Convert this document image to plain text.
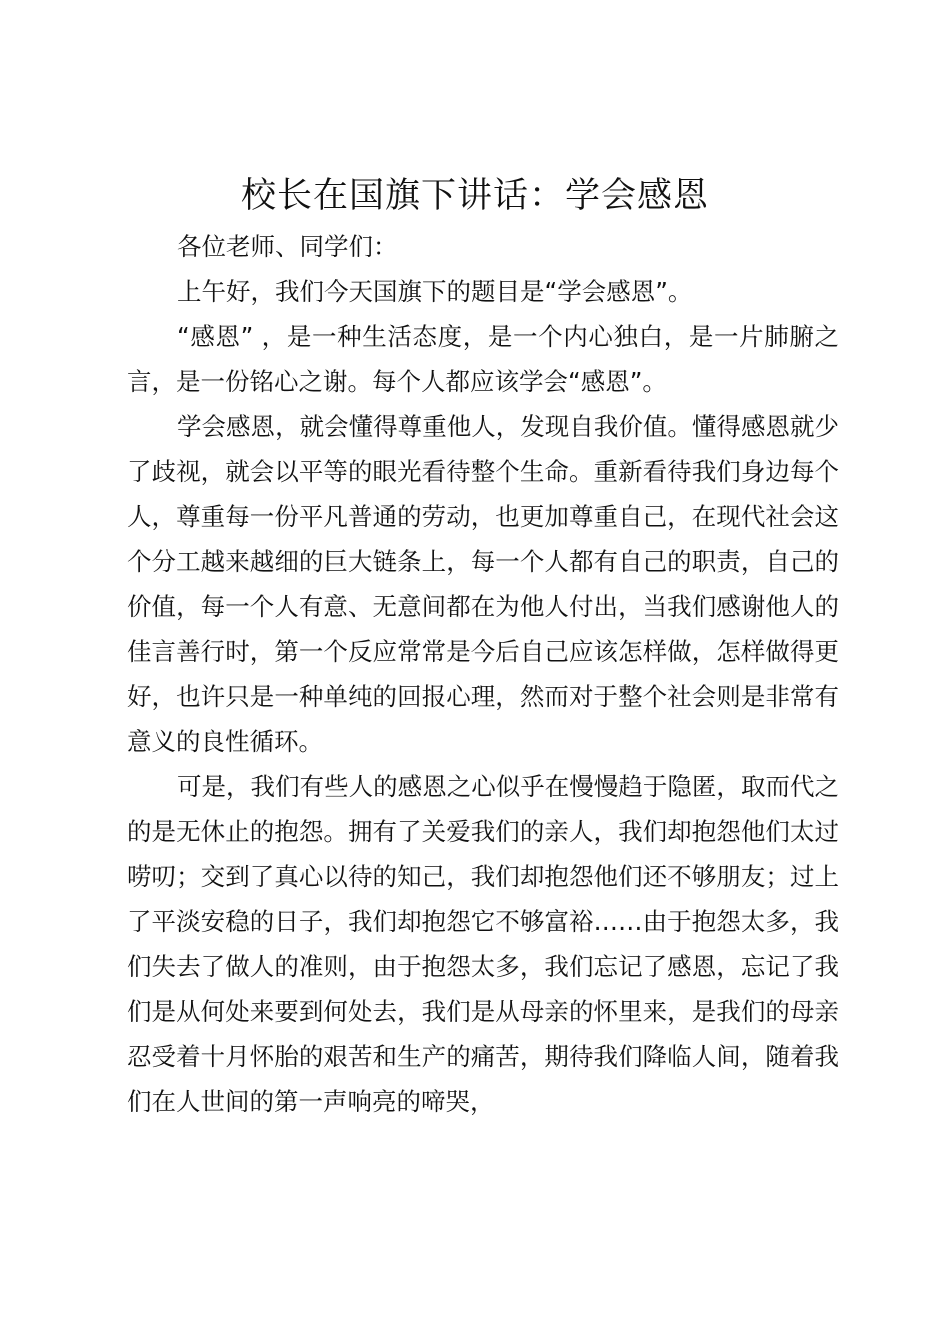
校长在国旗下讲话：学会感恩

各位老师、同学们：

上午好，我们今天国旗下的题目是“学会感恩”。

“感恩” ，是一种生活态度，是一个内心独白，是一片肺腑之言，是一份铭心之谢。每个人都应该学会“感恩”。

学会感恩，就会懂得尊重他人，发现自我价值。懂得感恩就少了歧视，就会以平等的眼光看待整个生命。重新看待我们身边每个人，尊重每一份平凡普通的劳动，也更加尊重自己，在现代社会这个分工越来越细的巨大链条上，每一个人都有自己的职责，自己的价值，每一个人有意、无意间都在为他人付出，当我们感谢他人的佳言善行时，第一个反应常常是今后自己应该怎样做，怎样做得更好，也许只是一种单纯的回报心理，然而对于整个社会则是非常有意义的良性循环。

可是，我们有些人的感恩之心似乎在慢慢趋于隐匿，取而代之的是无休止的抱怨。拥有了关爱我们的亲人，我们却抱怨他们太过唠叨；交到了真心以待的知己，我们却抱怨他们还不够朋友；过上了平淡安稳的日子，我们却抱怨它不够富裕……由于抱怨太多，我们失去了做人的准则，由于抱怨太多，我们忘记了感恩，忘记了我们是从何处来要到何处去，我们是从母亲的怀里来，是我们的母亲忍受着十月怀胎的艰苦和生产的痛苦，期待我们降临人间，随着我们在人世间的第一声响亮的啼哭，
